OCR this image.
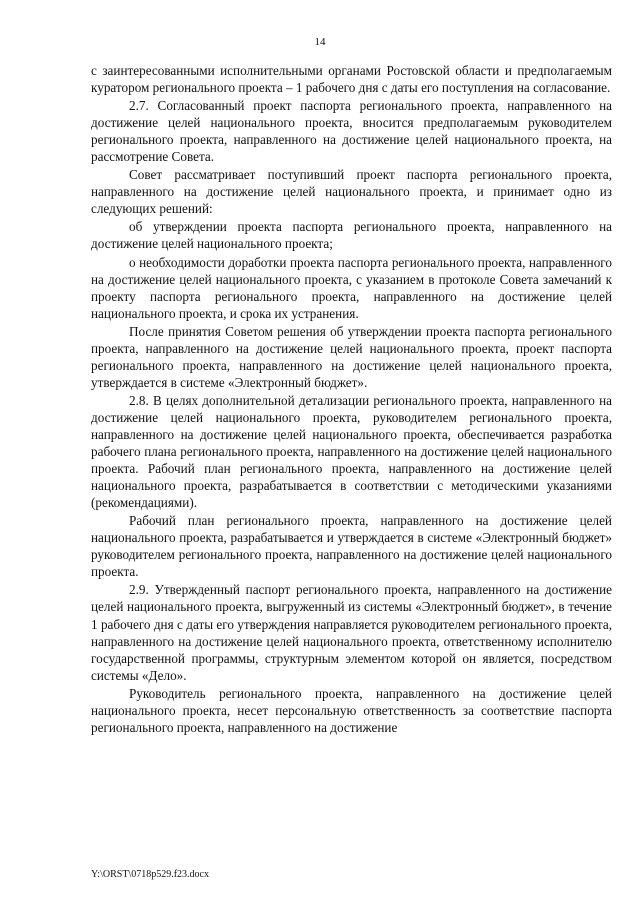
14

с заинтересованными исполнительными органами Ростовской области и предполагаемым куратором регионального проекта – 1 рабочего дня с даты его поступления на согласование.

2.7. Согласованный проект паспорта регионального проекта, направленного на достижение целей национального проекта, вносится предполагаемым руководителем регионального проекта, направленного на достижение целей национального проекта, на рассмотрение Совета.

Совет рассматривает поступивший проект паспорта регионального проекта, направленного на достижение целей национального проекта, и принимает одно из следующих решений:

об утверждении проекта паспорта регионального проекта, направленного на достижение целей национального проекта;

о необходимости доработки проекта паспорта регионального проекта, направленного на достижение целей национального проекта, с указанием в протоколе Совета замечаний к проекту паспорта регионального проекта, направленного на достижение целей национального проекта, и срока их устранения.

После принятия Советом решения об утверждении проекта паспорта регионального проекта, направленного на достижение целей национального проекта, проект паспорта регионального проекта, направленного на достижение целей национального проекта, утверждается в системе «Электронный бюджет».

2.8. В целях дополнительной детализации регионального проекта, направленного на достижение целей национального проекта, руководителем регионального проекта, направленного на достижение целей национального проекта, обеспечивается разработка рабочего плана регионального проекта, направленного на достижение целей национального проекта. Рабочий план регионального проекта, направленного на достижение целей национального проекта, разрабатывается в соответствии с методическими указаниями (рекомендациями).

Рабочий план регионального проекта, направленного на достижение целей национального проекта, разрабатывается и утверждается в системе «Электронный бюджет» руководителем регионального проекта, направленного на достижение целей национального проекта.

2.9. Утвержденный паспорт регионального проекта, направленного на достижение целей национального проекта, выгруженный из системы «Электронный бюджет», в течение 1 рабочего дня с даты его утверждения направляется руководителем регионального проекта, направленного на достижение целей национального проекта, ответственному исполнителю государственной программы, структурным элементом которой он является, посредством системы «Дело».

Руководитель регионального проекта, направленного на достижение целей национального проекта, несет персональную ответственность за соответствие паспорта регионального проекта, направленного на достижение

Y:\ORST\0718p529.f23.docx
